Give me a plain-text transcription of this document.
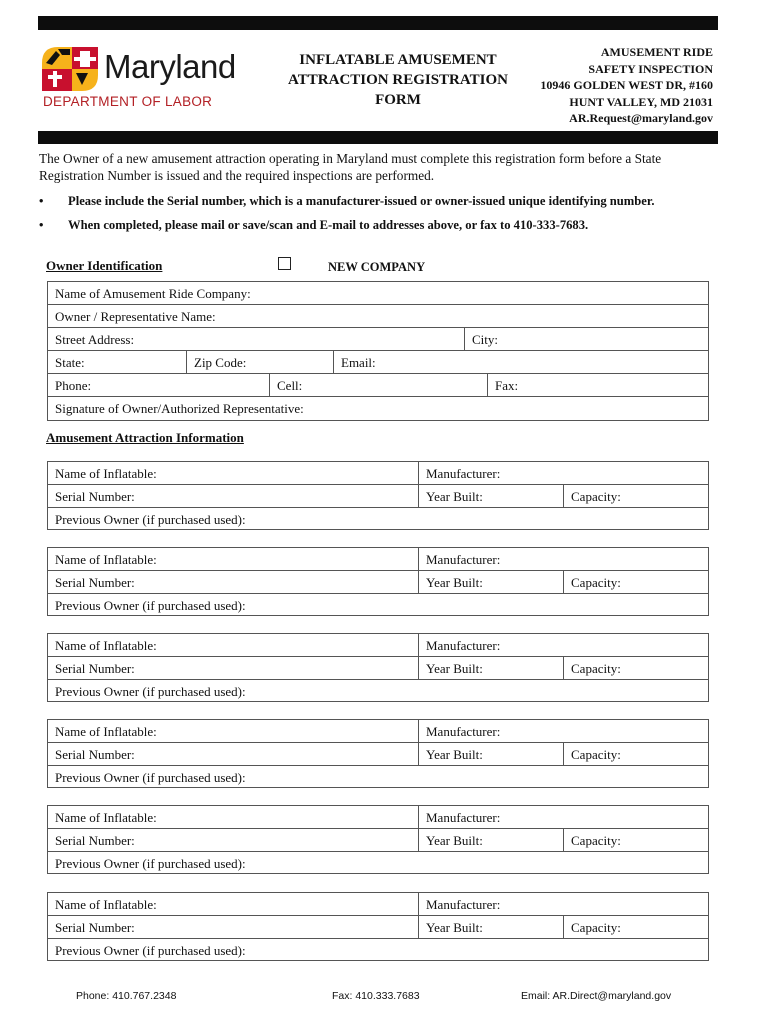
Maryland
DEPARTMENT OF LABOR
INFLATABLE AMUSEMENT
ATTRACTION REGISTRATION
FORM
AMUSEMENT RIDE
SAFETY INSPECTION
10946 GOLDEN WEST DR, #160
HUNT VALLEY, MD 21031
AR.Request@maryland.gov
The Owner of a new amusement attraction operating in Maryland must complete this registration form before a State Registration Number is issued and the required inspections are performed.
• Please include the Serial number, which is a manufacturer-issued or owner-issued unique identifying number.
• When completed, please mail or save/scan and E-mail to addresses above, or fax to 410-333-7683.
Owner Identification	NEW COMPANY
Name of Amusement Ride Company:
Owner / Representative Name:
Street Address:	City:
State:	Zip Code:	Email:
Phone:	Cell:	Fax:
Signature of Owner/Authorized Representative:
Amusement Attraction Information
Name of Inflatable:	Manufacturer:
Serial Number:	Year Built:	Capacity:
Previous Owner (if purchased used):
Name of Inflatable:	Manufacturer:
Serial Number:	Year Built:	Capacity:
Previous Owner (if purchased used):
Name of Inflatable:	Manufacturer:
Serial Number:	Year Built:	Capacity:
Previous Owner (if purchased used):
Name of Inflatable:	Manufacturer:
Serial Number:	Year Built:	Capacity:
Previous Owner (if purchased used):
Name of Inflatable:	Manufacturer:
Serial Number:	Year Built:	Capacity:
Previous Owner (if purchased used):
Name of Inflatable:	Manufacturer:
Serial Number:	Year Built:	Capacity:
Previous Owner (if purchased used):
Phone: 410.767.2348	Fax: 410.333.7683	Email: AR.Direct@maryland.gov
